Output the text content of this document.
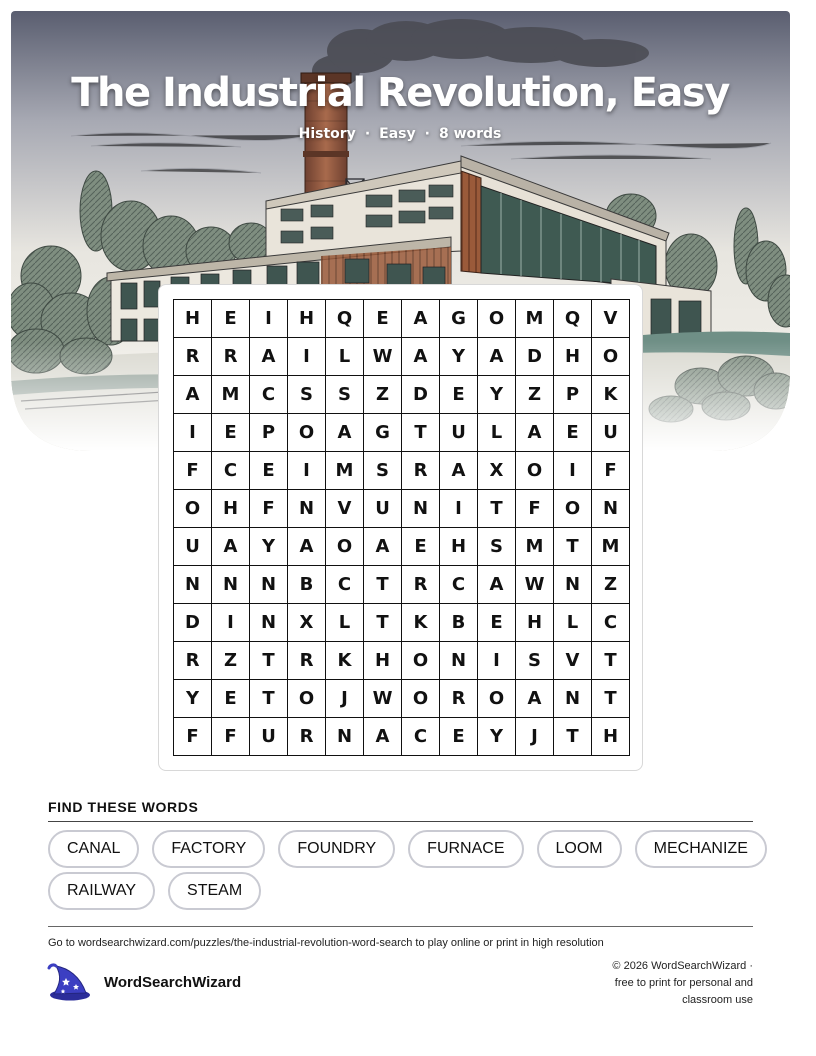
The Industrial Revolution, Easy
History · Easy · 8 words
H	E	I	H	Q	E	A	G	O	M	Q	V
R	R	A	I	L	W	A	Y	A	D	H	O
A	M	C	S	S	Z	D	E	Y	Z	P	K
I	E	P	O	A	G	T	U	L	A	E	U
F	C	E	I	M	S	R	A	X	O	I	F
O	H	F	N	V	U	N	I	T	F	O	N
U	A	Y	A	O	A	E	H	S	M	T	M
N	N	N	B	C	T	R	C	A	W	N	Z
D	I	N	X	L	T	K	B	E	H	L	C
R	Z	T	R	K	H	O	N	I	S	V	T
Y	E	T	O	J	W	O	R	O	A	N	T
F	F	U	R	N	A	C	E	Y	J	T	H
FIND THESE WORDS
CANAL	FACTORY	FOUNDRY	FURNACE	LOOM	MECHANIZE
RAILWAY	STEAM
Go to wordsearchwizard.com/puzzles/the-industrial-revolution-word-search to play online or print in high resolution
WordSearchWizard
© 2026 WordSearchWizard ·
free to print for personal and
classroom use
